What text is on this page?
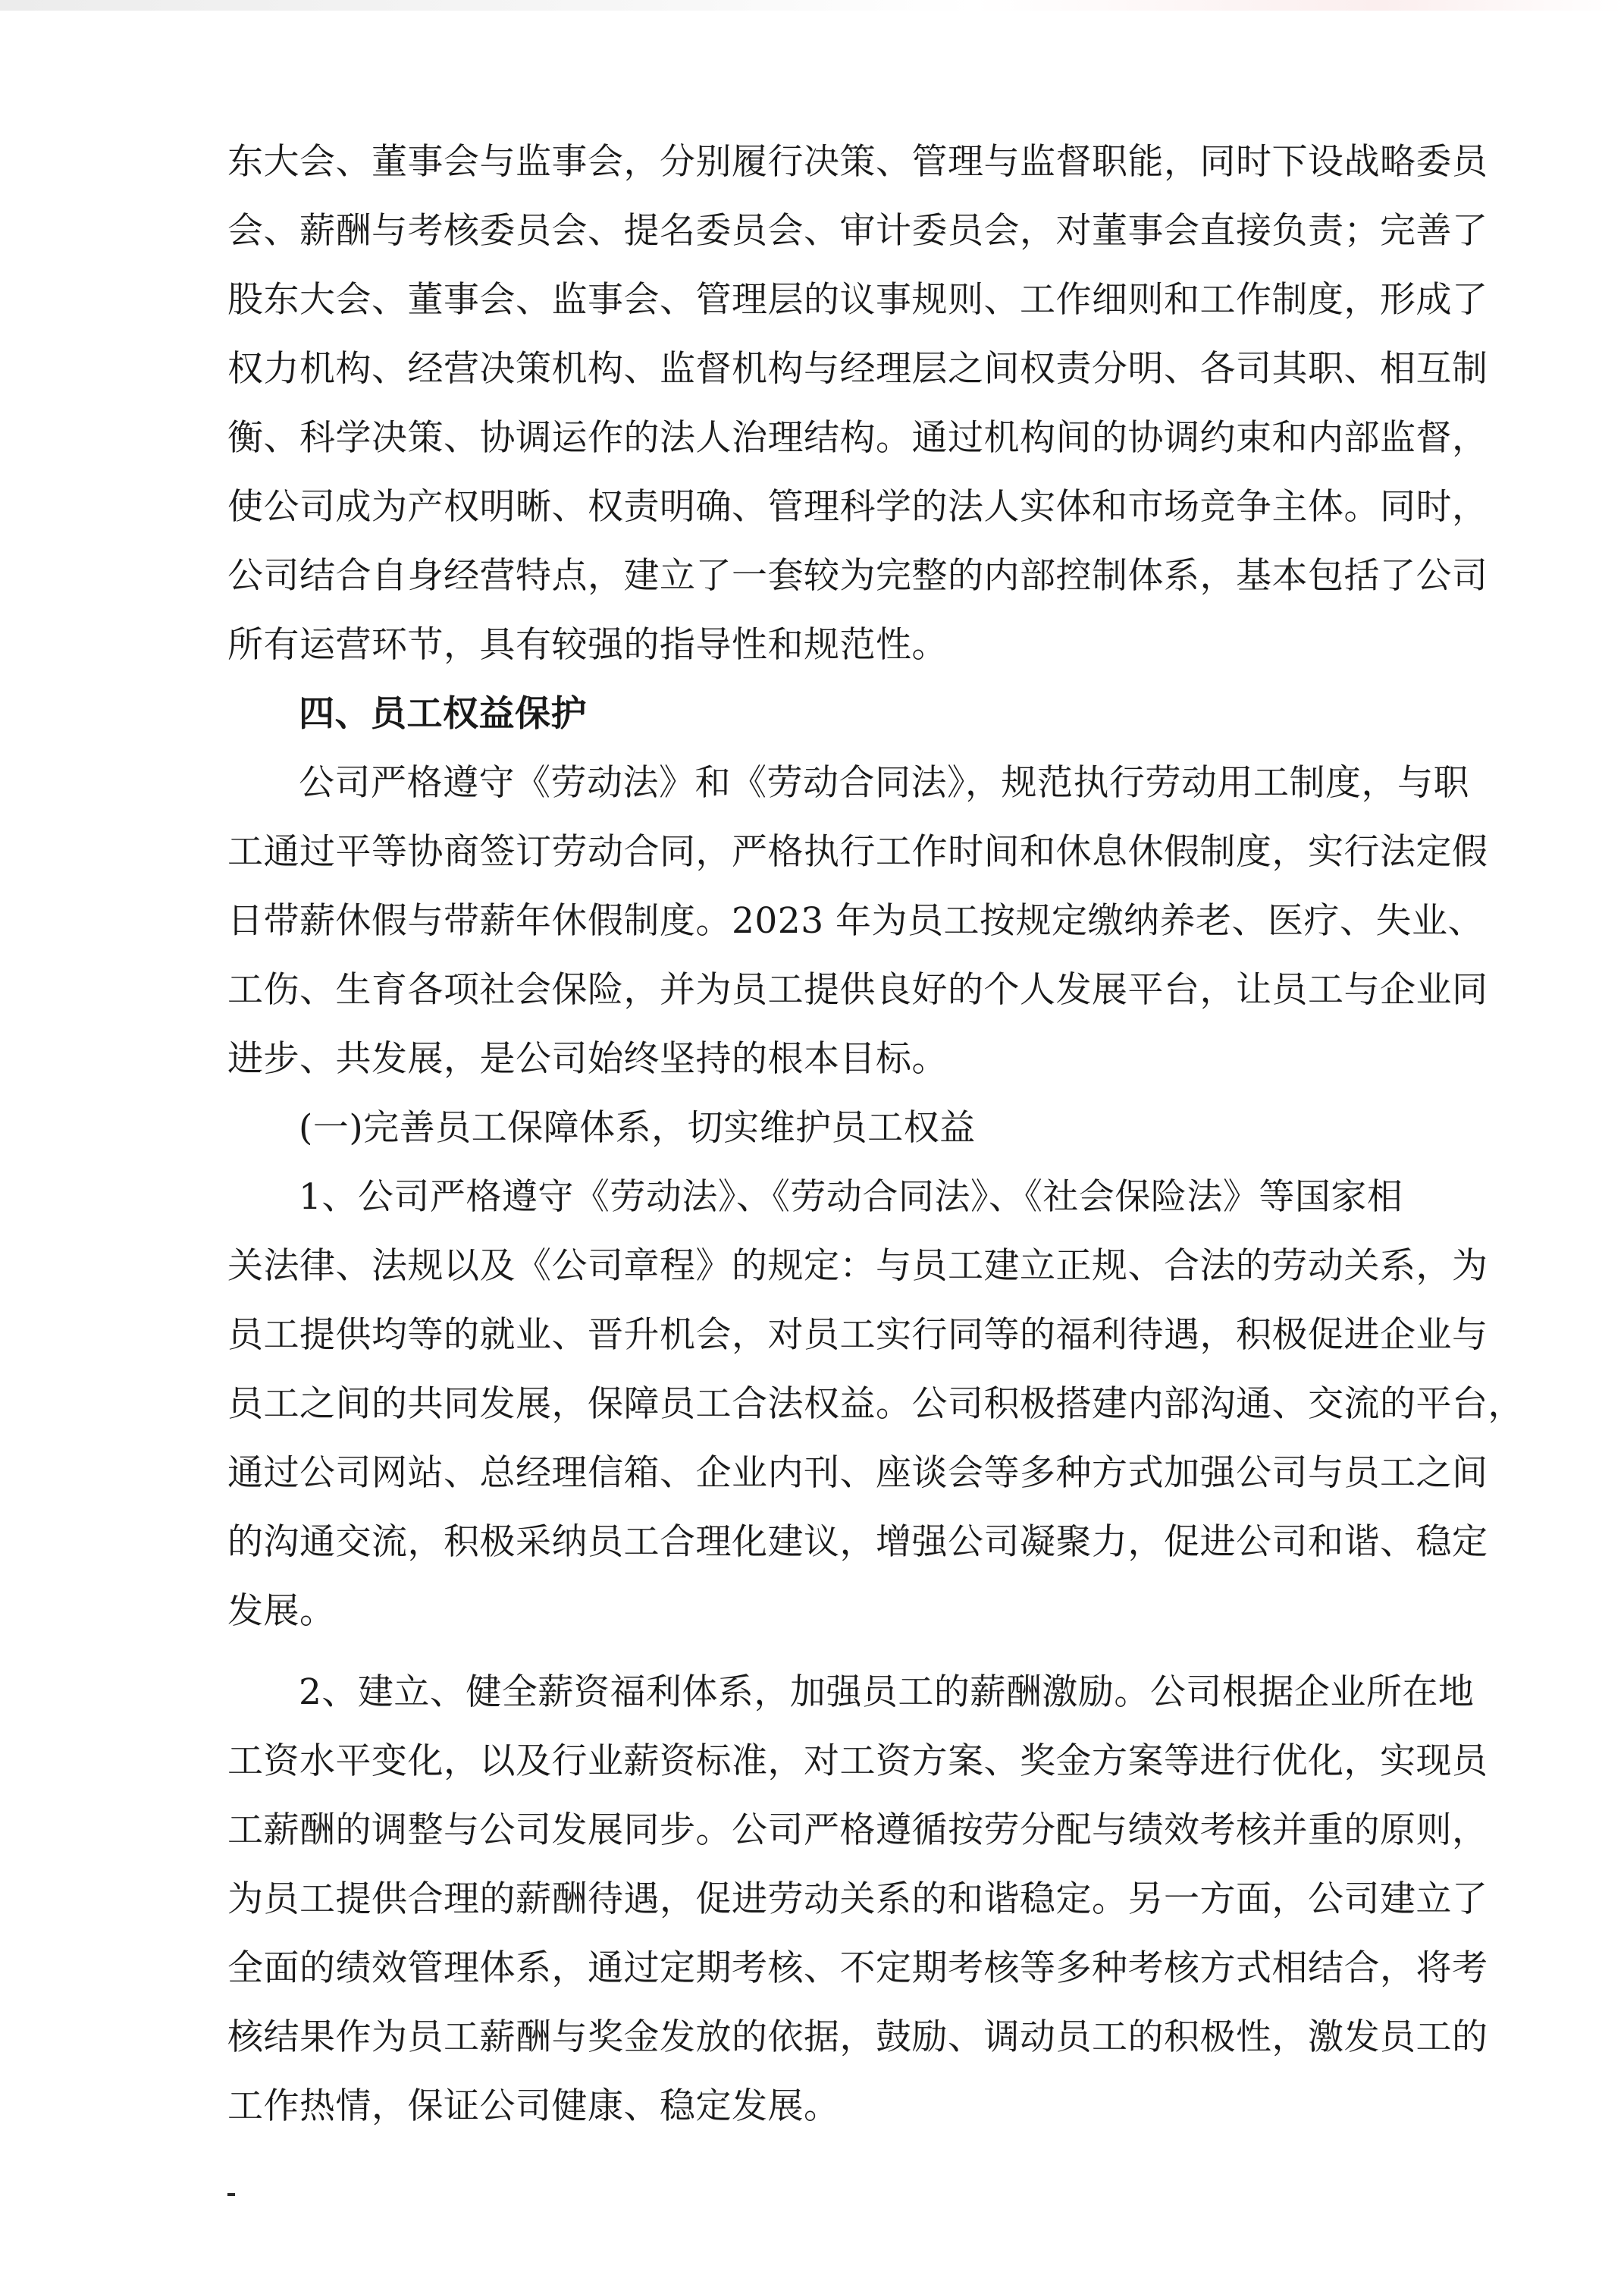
东大会、董事会与监事会，分别履行决策、管理与监督职能，同时下设战略委员
会、薪酬与考核委员会、提名委员会、审计委员会，对董事会直接负责；完善了
股东大会、董事会、监事会、管理层的议事规则、工作细则和工作制度，形成了
权力机构、经营决策机构、监督机构与经理层之间权责分明、各司其职、相互制
衡、科学决策、协调运作的法人治理结构。通过机构间的协调约束和内部监督，
使公司成为产权明晰、权责明确、管理科学的法人实体和市场竞争主体。同时，
公司结合自身经营特点，建立了一套较为完整的内部控制体系，基本包括了公司
所有运营环节，具有较强的指导性和规范性。
四、员工权益保护
公司严格遵守《劳动法》和《劳动合同法》，规范执行劳动用工制度，与职
工通过平等协商签订劳动合同，严格执行工作时间和休息休假制度，实行法定假
日带薪休假与带薪年休假制度。2023 年为员工按规定缴纳养老、医疗、失业、
工伤、生育各项社会保险，并为员工提供良好的个人发展平台，让员工与企业同
进步、共发展，是公司始终坚持的根本目标。
(一)完善员工保障体系，切实维护员工权益
1、公司严格遵守《劳动法》、《劳动合同法》、《社会保险法》等国家相
关法律、法规以及《公司章程》的规定：与员工建立正规、合法的劳动关系，为
员工提供均等的就业、晋升机会，对员工实行同等的福利待遇，积极促进企业与
员工之间的共同发展，保障员工合法权益。公司积极搭建内部沟通、交流的平台，
通过公司网站、总经理信箱、企业内刊、座谈会等多种方式加强公司与员工之间
的沟通交流，积极采纳员工合理化建议，增强公司凝聚力，促进公司和谐、稳定
发展。
2、建立、健全薪资福利体系，加强员工的薪酬激励。公司根据企业所在地
工资水平变化，以及行业薪资标准，对工资方案、奖金方案等进行优化，实现员
工薪酬的调整与公司发展同步。公司严格遵循按劳分配与绩效考核并重的原则，
为员工提供合理的薪酬待遇，促进劳动关系的和谐稳定。另一方面，公司建立了
全面的绩效管理体系，通过定期考核、不定期考核等多种考核方式相结合，将考
核结果作为员工薪酬与奖金发放的依据，鼓励、调动员工的积极性，激发员工的
工作热情，保证公司健康、稳定发展。
